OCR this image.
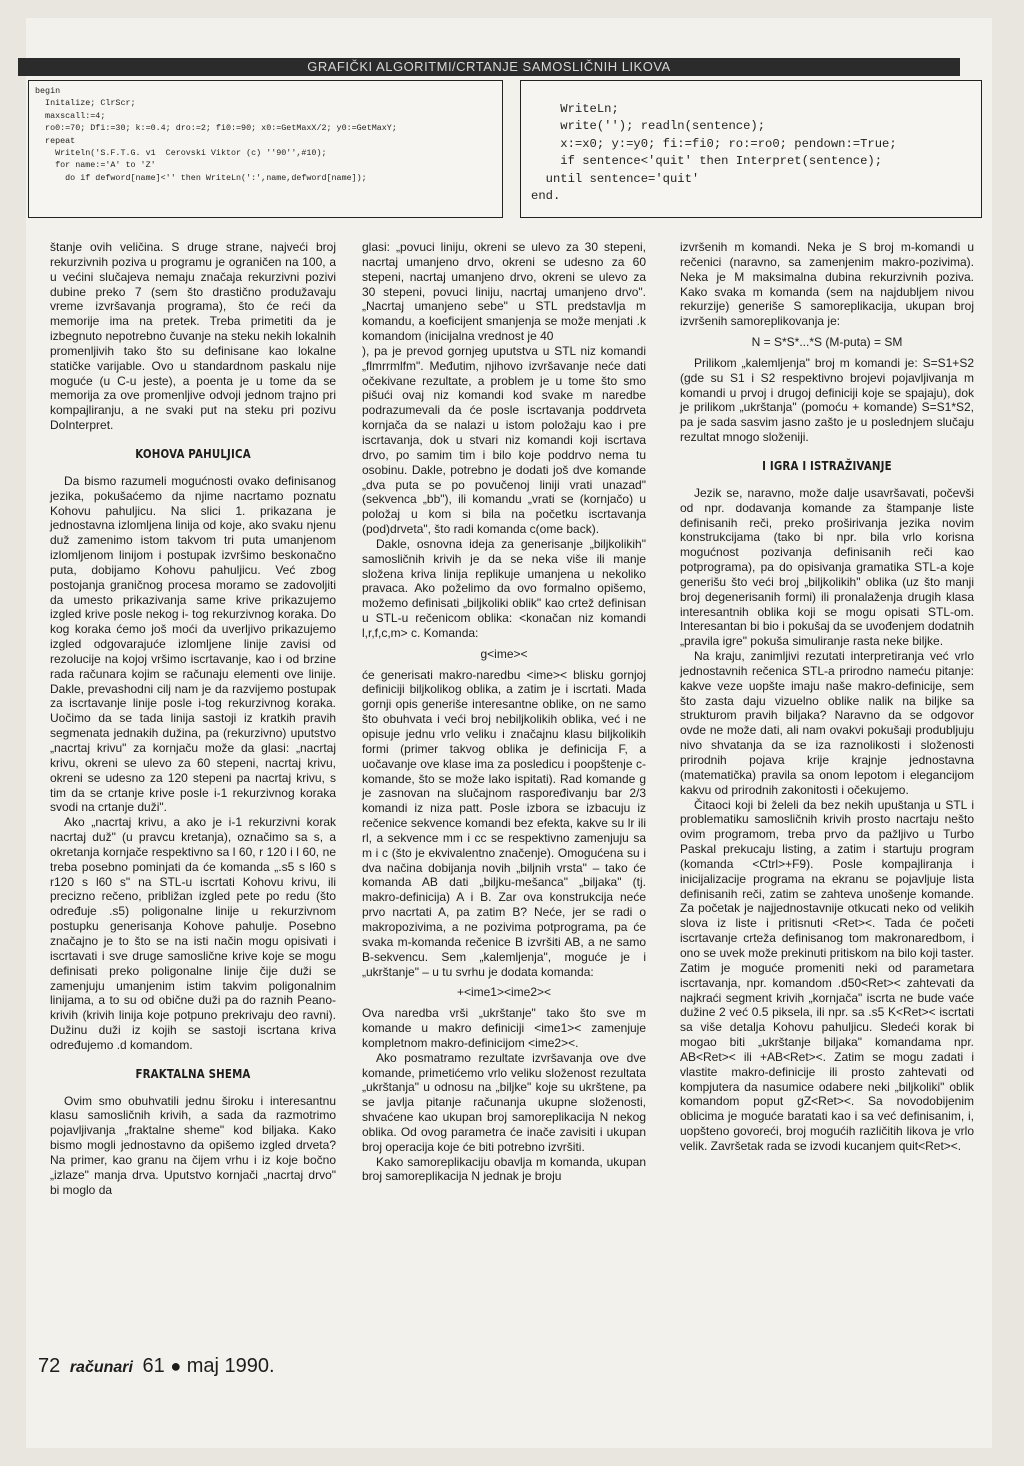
GRAFIČKI ALGORITMI/CRTANJE SAMOSLIČNIH LIKOVA
begin
Initalize; ClrScr;
maxscall:=4;
ro0:=70; Dfi:=30; k:=0.4; dro:=2; fi0:=90; x0:=GetMaxX/2; y0:=GetMaxY;
repeat
Writeln('S.F.T.G. v1  Cerovski Viktor (c) ''90'',#10);
for name:='A' to 'Z'
do if defword[name]<'' then WriteLn(':',name,defword[name]);
WriteLn;
write(''); readln(sentence);
x:=x0; y:=y0; fi:=fi0; ro:=ro0; pendown:=True;
if sentence<'quit' then Interpret(sentence);
until sentence='quit'
end.

štanje ovih veličina. S druge strane, najveći broj rekurzivnih poziva u programu je ograničen na 100, a u većini slučajeva nemaju značaja rekurzivni pozivi dubine preko 7 (sem što drastično produžavaju vreme izvršavanja programa), što će reći da memorije ima na pretek. Treba primetiti da je izbegnuto nepotrebno čuvanje na steku nekih lokalnih promenljivih tako što su definisane kao lokalne statičke varijable. Ovo u standardnom paskalu nije moguće (u C-u jeste), a poenta je u tome da se memorija za ove promenljive odvoji jednom trajno pri kompajliranju, a ne svaki put na steku pri pozivu DoInterpret.

KOHOVA PAHULJICA

Da bismo razumeli mogućnosti ovako definisanog jezika, pokušaćemo da njime nacrtamo poznatu Kohovu pahuljicu. Na slici 1. prikazana je jednostavna izlomljena linija od koje, ako svaku njenu duž zamenimo istom takvom tri puta umanjenom izlomljenom linijom i postupak izvršimo beskonačno puta, dobijamo Kohovu pahuljicu. Već zbog postojanja graničnog procesa moramo se zadovoljiti da umesto prikazivanja same krive prikazujemo izgled krive posle nekog i- tog rekurzivnog koraka. Do kog koraka ćemo još moći da uverljivo prikazujemo izgled odgovarajuće izlomljene linije zavisi od rezolucije na kojoj vršimo iscrtavanje, kao i od brzine rada računara kojim se računaju elementi ove linije. Dakle, prevashodni cilj nam je da razvijemo postupak za iscrtavanje linije posle i-tog rekurzivnog koraka. Uočimo da se tada linija sastoji iz kratkih pravih segmenata jednakih dužina, pa (rekurzivno) uputstvo „nacrtaj krivu" za kornjaču može da glasi: „nacrtaj krivu, okreni se ulevo za 60 stepeni, nacrtaj krivu, okreni se udesno za 120 stepeni pa nacrtaj krivu, s tim da se crtanje krive posle i-1 rekurzivnog koraka svodi na crtanje duži".

Ako „nacrtaj krivu, a ako je i-1 rekurzivni korak nacrtaj duž" (u pravcu kretanja), označimo sa s, a okretanja kornjače respektivno sa l 60, r 120 i l 60, ne treba posebno pominjati da će komanda „.s5 s l60 s r120 s l60 s" na STL-u iscrtati Kohovu krivu, ili precizno rečeno, približan izgled pete po redu (što određuje .s5) poligonalne linije u rekurzivnom postupku generisanja Kohove pahulje. Posebno značajno je to što se na isti način mogu opisivati i iscrtavati i sve druge samoslične krive koje se mogu definisati preko poligonalne linije čije duži se zamenjuju umanjenim istim takvim poligonalnim linijama, a to su od obične duži pa do raznih Peano-krivih (krivih linija koje potpuno prekrivaju deo ravni). Dužinu duži iz kojih se sastoji iscrtana kriva određujemo .d komandom.

FRAKTALNA SHEMA

Ovim smo obuhvatili jednu široku i interesantnu klasu samosličnih krivih, a sada da razmotrimo pojavljivanja „fraktalne sheme" kod biljaka. Kako bismo mogli jednostavno da opišemo izgled drveta? Na primer, kao granu na čijem vrhu i iz koje bočno „izlaze" manja drva. Uputstvo kornjači „nacrtaj drvo" bi moglo da

glasi: „povuci liniju, okreni se ulevo za 30 stepeni, nacrtaj umanjeno drvo, okreni se udesno za 60 stepeni, nacrtaj umanjeno drvo, okreni se ulevo za 30 stepeni, povuci liniju, nacrtaj umanjeno drvo". „Nacrtaj umanjeno sebe" u STL predstavlja m komandu, a koeficijent smanjenja se može menjati .k komandom (inicijalna vrednost je 40

), pa je prevod gornjeg uputstva u STL niz komandi „flmrrmlfm". Međutim, njihovo izvršavanje neće dati očekivane rezultate, a problem je u tome što smo pišući ovaj niz komandi kod svake m naredbe podrazumevali da će posle iscrtavanja poddrveta kornjača da se nalazi u istom položaju kao i pre iscrtavanja, dok u stvari niz komandi koji iscrtava drvo, po samim tim i bilo koje poddrvo nema tu osobinu. Dakle, potrebno je dodati još dve komande „dva puta se po povučenoj liniji vrati unazad" (sekvenca „bb"), ili komandu „vrati se (kornjačo) u položaj u kom si bila na početku iscrtavanja (pod)drveta", što radi komanda c(ome back).

Dakle, osnovna ideja za generisanje „biljkolikih" samosličnih krivih je da se neka više ili manje složena kriva linija replikuje umanjena u nekoliko pravaca. Ako poželimo da ovo formalno opišemo, možemo definisati „biljkoliki oblik" kao crtež definisan u STL-u rečenicom oblika: <konačan niz komandi l,r,f,c,m> c. Komanda:

g<ime><

će generisati makro-naredbu <ime>< blisku gornjoj definiciji biljkolikog oblika, a zatim je i iscrtati. Mada gornji opis generiše interesantne oblike, on ne samo što obuhvata i veći broj nebiljkolikih oblika, već i ne opisuje jednu vrlo veliku i značajnu klasu biljkolikih formi (primer takvog oblika je definicija F, a uočavanje ove klase ima za posledicu i poopštenje c-komande, što se može lako ispitati). Rad komande g je zasnovan na slučajnom raspoređivanju bar 2/3 komandi iz niza patt. Posle izbora se izbacuju iz rečenice sekvence komandi bez efekta, kakve su lr ili rl, a sekvence mm i cc se respektivno zamenjuju sa m i c (što je ekvivalentno značenje). Omogućena su i dva načina dobijanja novih „biljnih vrsta" – tako će komanda AB dati „biljku-mešanca" „biljaka" (tj. makro-definicija) A i B. Zar ova konstrukcija neće prvo nacrtati A, pa zatim B? Neće, jer se radi o makropozivima, a ne pozivima potprograma, pa će svaka m-komanda rečenice B izvršiti AB, a ne samo B-sekvencu. Sem „kalemljenja", moguće je i „ukrštanje" – u tu svrhu je dodata komanda:

+<ime1><ime2><

Ova naredba vrši „ukrštanje" tako što sve m komande u makro definiciji <ime1>< zamenjuje kompletnom makro-definicijom <ime2><.

Ako posmatramo rezultate izvršavanja ove dve komande, primetićemo vrlo veliku složenost rezultata „ukrštanja" u odnosu na „biljke" koje su ukrštene, pa se javlja pitanje računanja ukupne složenosti, shvaćene kao ukupan broj samoreplikacija N nekog oblika. Od ovog parametra će inače zavisiti i ukupan broj operacija koje će biti potrebno izvršiti.

Kako samoreplikaciju obavlja m komanda, ukupan broj samoreplikacija N jednak je broju

izvršenih m komandi. Neka je S broj m-komandi u rečenici (naravno, sa zamenjenim makro-pozivima). Neka je M maksimalna dubina rekurzivnih poziva. Kako svaka m komanda (sem na najdubljem nivou rekurzije) generiše S samoreplikacija, ukupan broj izvršenih samoreplikovanja je:

N = S*S*...*S (M-puta) = SM

Prilikom „kalemljenja" broj m komandi je: S=S1+S2 (gde su S1 i S2 respektivno brojevi pojavljivanja m komandi u prvoj i drugoj definiciji koje se spajaju), dok je prilikom „ukrštanja" (pomoću + komande) S=S1*S2, pa je sada sasvim jasno zašto je u poslednjem slučaju rezultat mnogo složeniji.

I IGRA I ISTRAŽIVANJE

Jezik se, naravno, može dalje usavršavati, počevši od npr. dodavanja komande za štampanje liste definisanih reči, preko proširivanja jezika novim konstrukcijama (tako bi npr. bila vrlo korisna mogućnost pozivanja definisanih reči kao potprograma), pa do opisivanja gramatika STL-a koje generišu što veći broj „biljkolikih" oblika (uz što manji broj degenerisanih formi) ili pronalaženja drugih klasa interesantnih oblika koji se mogu opisati STL-om. Interesantan bi bio i pokušaj da se uvođenjem dodatnih „pravila igre" pokuša simuliranje rasta neke biljke.

Na kraju, zanimljivi rezutati interpretiranja već vrlo jednostavnih rečenica STL-a prirodno nameću pitanje: kakve veze uopšte imaju naše makro-definicije, sem što zasta daju vizuelno oblike nalik na biljke sa strukturom pravih biljaka? Naravno da se odgovor ovde ne može dati, ali nam ovakvi pokušaji produbljuju nivo shvatanja da se iza raznolikosti i složenosti prirodnih pojava krije krajnje jednostavna (matematička) pravila sa onom lepotom i elegancijom kakvu od prirodnih zakonitosti i očekujemo.

Čitaoci koji bi želeli da bez nekih upuštanja u STL i problematiku samosličnih krivih prosto nacrtaju nešto ovim programom, treba prvo da pažljivo u Turbo Paskal prekucaju listing, a zatim i startuju program (komanda <Ctrl>+F9). Posle kompajliranja i inicijalizacije programa na ekranu se pojavljuje lista definisanih reči, zatim se zahteva unošenje komande. Za početak je najjednostavnije otkucati neko od velikih slova iz liste i pritisnuti <Ret><. Tada će početi iscrtavanje crteža definisanog tom makronaredbom, i ono se uvek može prekinuti pritiskom na bilo koji taster. Zatim je moguće promeniti neki od parametara iscrtavanja, npr. komandom .d50<Ret>< zahtevati da najkraći segment krivih „kornjača" iscrta ne bude vaće dužine 2 već 0.5 piksela, ili npr. sa .s5 K<Ret>< iscrtati sa više detalja Kohovu pahuljicu. Sledeći korak bi mogao biti „ukrštanje biljaka" komandama npr. AB<Ret>< ili +AB<Ret><. Zatim se mogu zadati i vlastite makro-definicije ili prosto zahtevati od kompjutera da nasumice odabere neki „biljkoliki" oblik komandom poput gZ<Ret><. Sa novodobijenim oblicima je moguće baratati kao i sa već definisanim, i, uopšteno govoreći, broj mogućih različitih likova je vrlo velik. Završetak rada se izvodi kucanjem quit<Ret><.

72 računari 61 ● maj 1990.
